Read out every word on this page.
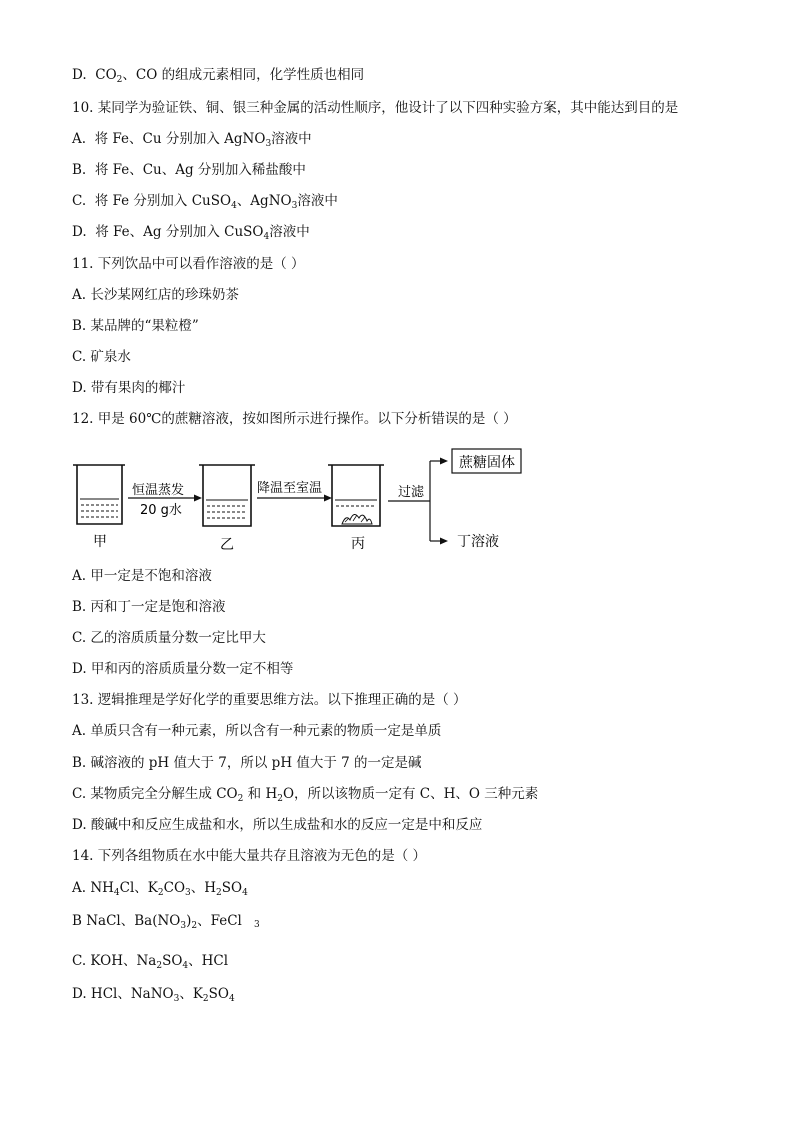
D. $CO_2$、CO 的组成元素相同，化学性质也相同
10. 某同学为验证铁、铜、银三种金属的活动性顺序，他设计了以下四种实验方案，其中能达到目的是
A. 将 Fe、Cu 分别加入 AgNO$_3$溶液中
B. 将 Fe、Cu、Ag 分别加入稀盐酸中
C. 将 Fe 分别加入 CuSO$_4$、AgNO$_3$溶液中
D. 将 Fe、Ag 分别加入 CuSO$_4$溶液中
11. 下列饮品中可以看作溶液的是（ ）
A. 长沙某网红店的珍珠奶茶
B. 某品牌的“果粒橙”
C. 矿泉水
D. 带有果肉的椰汁
12. 甲是 60℃的蔗糖溶液，按如图所示进行操作。以下分析错误的是（ ）
甲
恒温蒸发
20 g水
乙
降温至室温
丙
过滤
蔗糖固体
丁溶液
A. 甲一定是不饱和溶液
B. 丙和丁一定是饱和溶液
C. 乙的溶质质量分数一定比甲大
D. 甲和丙的溶质质量分数一定不相等
13. 逻辑推理是学好化学的重要思维方法。以下推理正确的是（ ）
A. 单质只含有一种元素，所以含有一种元素的物质一定是单质
B. 碱溶液的 pH 值大于 7，所以 pH 值大于 7 的一定是碱
C. 某物质完全分解生成 $CO_2$ 和 $H_2O$，所以该物质一定有 C、H、O 三种元素
D. 酸碱中和反应生成盐和水，所以生成盐和水的反应一定是中和反应
14. 下列各组物质在水中能大量共存且溶液为无色的是（ ）
A. $NH_4Cl$、$K_2CO_3$、$H_2SO_4$
B NaCl、$Ba(NO_3)_2$、FeCl 3
C. KOH、$Na_2SO_4$、HCl
D. HCl、NaNO$_3$、$K_2SO_4$
